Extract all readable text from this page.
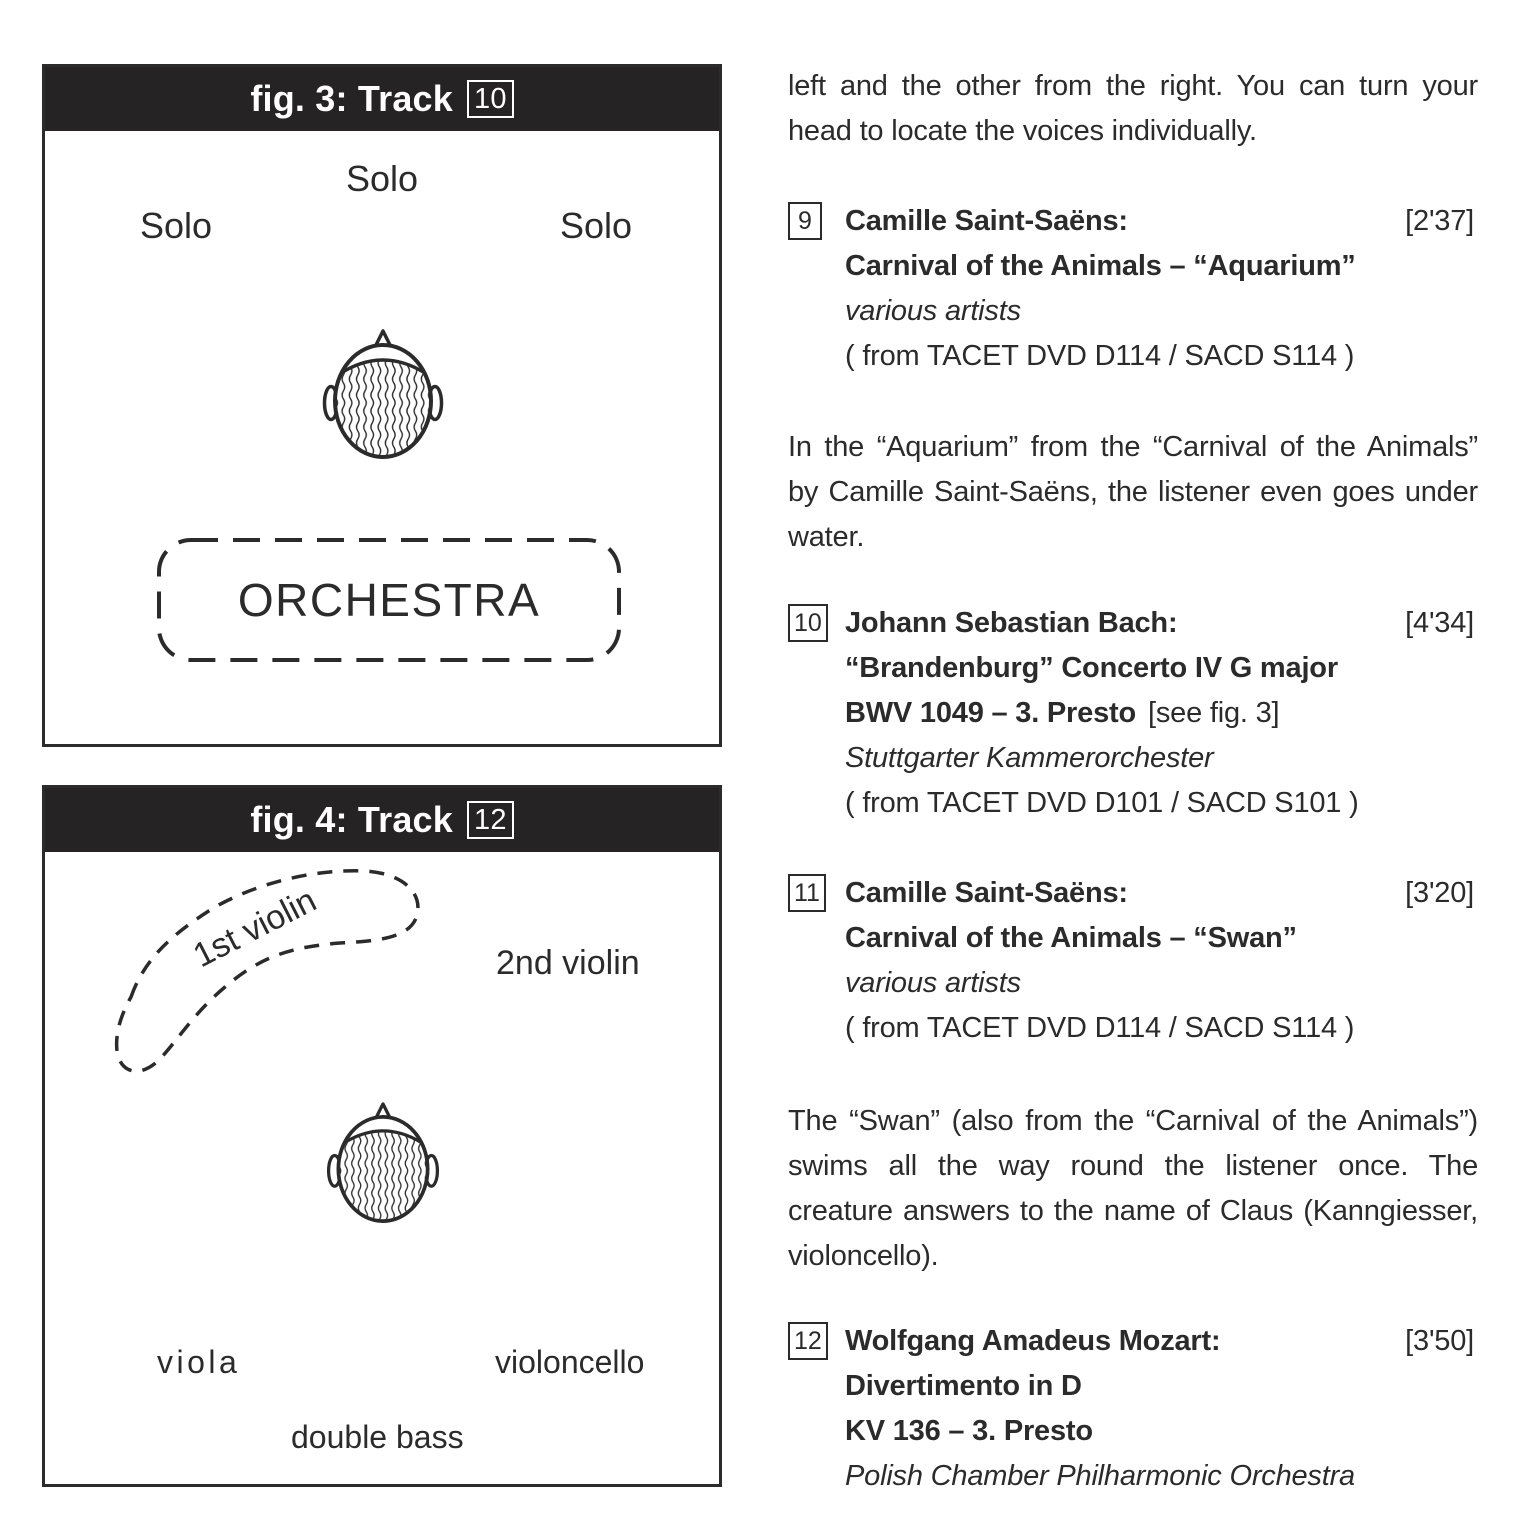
fig. 3: Track 10
Solo
Solo	Solo
ORCHESTRA
fig. 4: Track 12
1st violin	2nd violin
viola	violoncello
double bass

left and the other from the right. You can turn your head to locate the voices individually.

9	Camille Saint-Saëns:	[2'37]
Carnival of the Animals – “Aquarium”
various artists
( from TACET DVD D114 / SACD S114 )

In the “Aquarium” from the “Carnival of the Animals” by Camille Saint-Saëns, the listener even goes under water.

10 Johann Sebastian Bach:	[4'34]
“Brandenburg” Concerto IV G major
BWV 1049 – 3. Presto [see fig. 3]
Stuttgarter Kammerorchester
( from TACET DVD D101 / SACD S101 )
11 Camille Saint-Saëns:	[3'20]
Carnival of the Animals – “Swan”
various artists
( from TACET DVD D114 / SACD S114 )

The “Swan” (also from the “Carnival of the Animals”) swims all the way round the listener once. The creature answers to the name of Claus (Kanngiesser, violoncello).

12 Wolfgang Amadeus Mozart:	[3'50]
Divertimento in D
KV 136 – 3. Presto
Polish Chamber Philharmonic Orchestra
